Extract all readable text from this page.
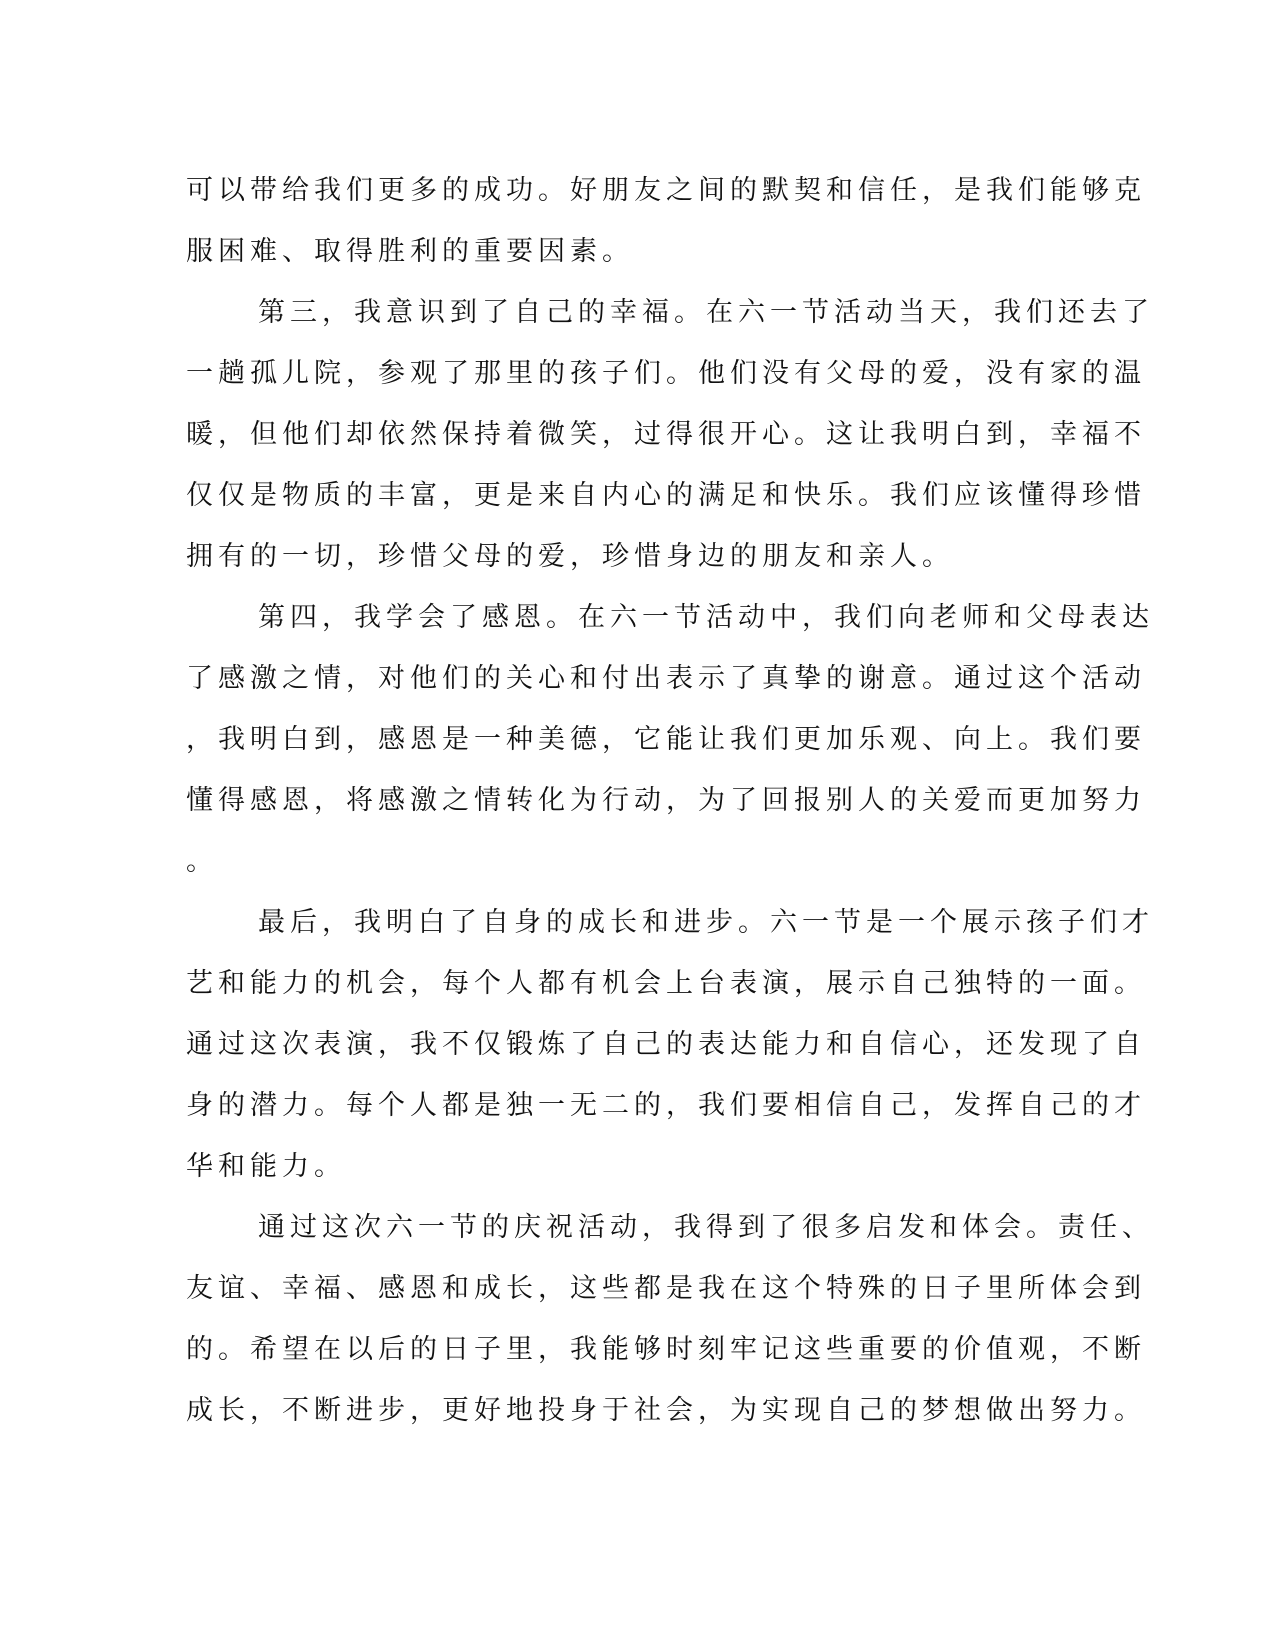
可以带给我们更多的成功。好朋友之间的默契和信任，是我们能够克
服困难、取得胜利的重要因素。
第三，我意识到了自己的幸福。在六一节活动当天，我们还去了
一趟孤儿院，参观了那里的孩子们。他们没有父母的爱，没有家的温
暖，但他们却依然保持着微笑，过得很开心。这让我明白到，幸福不
仅仅是物质的丰富，更是来自内心的满足和快乐。我们应该懂得珍惜
拥有的一切，珍惜父母的爱，珍惜身边的朋友和亲人。
第四，我学会了感恩。在六一节活动中，我们向老师和父母表达
了感激之情，对他们的关心和付出表示了真挚的谢意。通过这个活动
，我明白到，感恩是一种美德，它能让我们更加乐观、向上。我们要
懂得感恩，将感激之情转化为行动，为了回报别人的关爱而更加努力
。
最后，我明白了自身的成长和进步。六一节是一个展示孩子们才
艺和能力的机会，每个人都有机会上台表演，展示自己独特的一面。
通过这次表演，我不仅锻炼了自己的表达能力和自信心，还发现了自
身的潜力。每个人都是独一无二的，我们要相信自己，发挥自己的才
华和能力。
通过这次六一节的庆祝活动，我得到了很多启发和体会。责任、
友谊、幸福、感恩和成长，这些都是我在这个特殊的日子里所体会到
的。希望在以后的日子里，我能够时刻牢记这些重要的价值观，不断
成长，不断进步，更好地投身于社会，为实现自己的梦想做出努力。
